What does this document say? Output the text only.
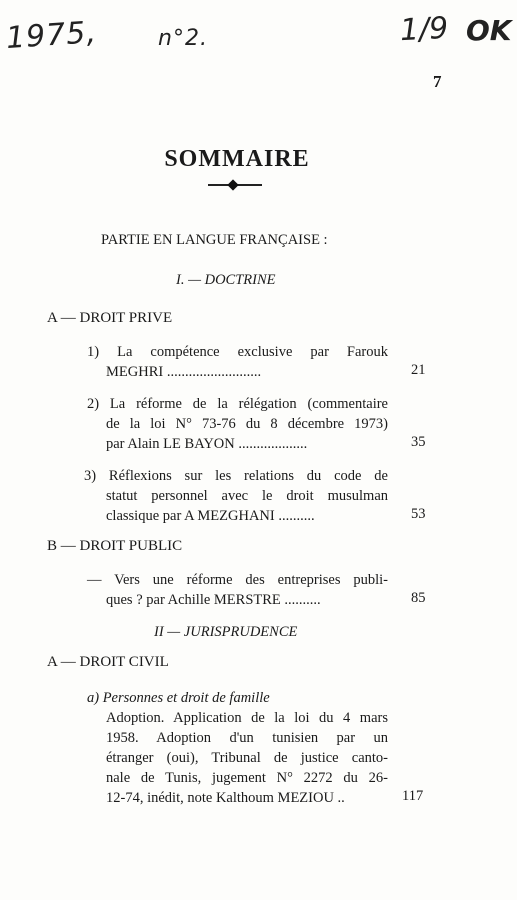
1975,	n°2.	1/9 OK
7
SOMMAIRE
PARTIE EN LANGUE FRANÇAISE :
I. — DOCTRINE
A — DROIT PRIVE
1) La compétence exclusive par Farouk
MEGHRI ..........................	21
2) La réforme de la rélégation (commentaire
de la loi N° 73-76 du 8 décembre 1973)
par Alain LE BAYON ...................	35
3) Réflexions sur les relations du code de
statut personnel avec le droit musulman
classique par A MEZGHANI ..........	53
B — DROIT PUBLIC
— Vers une réforme des entreprises publi-
ques ? par Achille MERSTRE ..........	85
II — JURISPRUDENCE
A — DROIT CIVIL
a) Personnes et droit de famille
Adoption. Application de la loi du 4 mars
1958. Adoption d'un tunisien par un
étranger (oui), Tribunal de justice canto-
nale de Tunis, jugement N° 2272 du 26-
12-74, inédit, note Kalthoum MEZIOU ..	117
